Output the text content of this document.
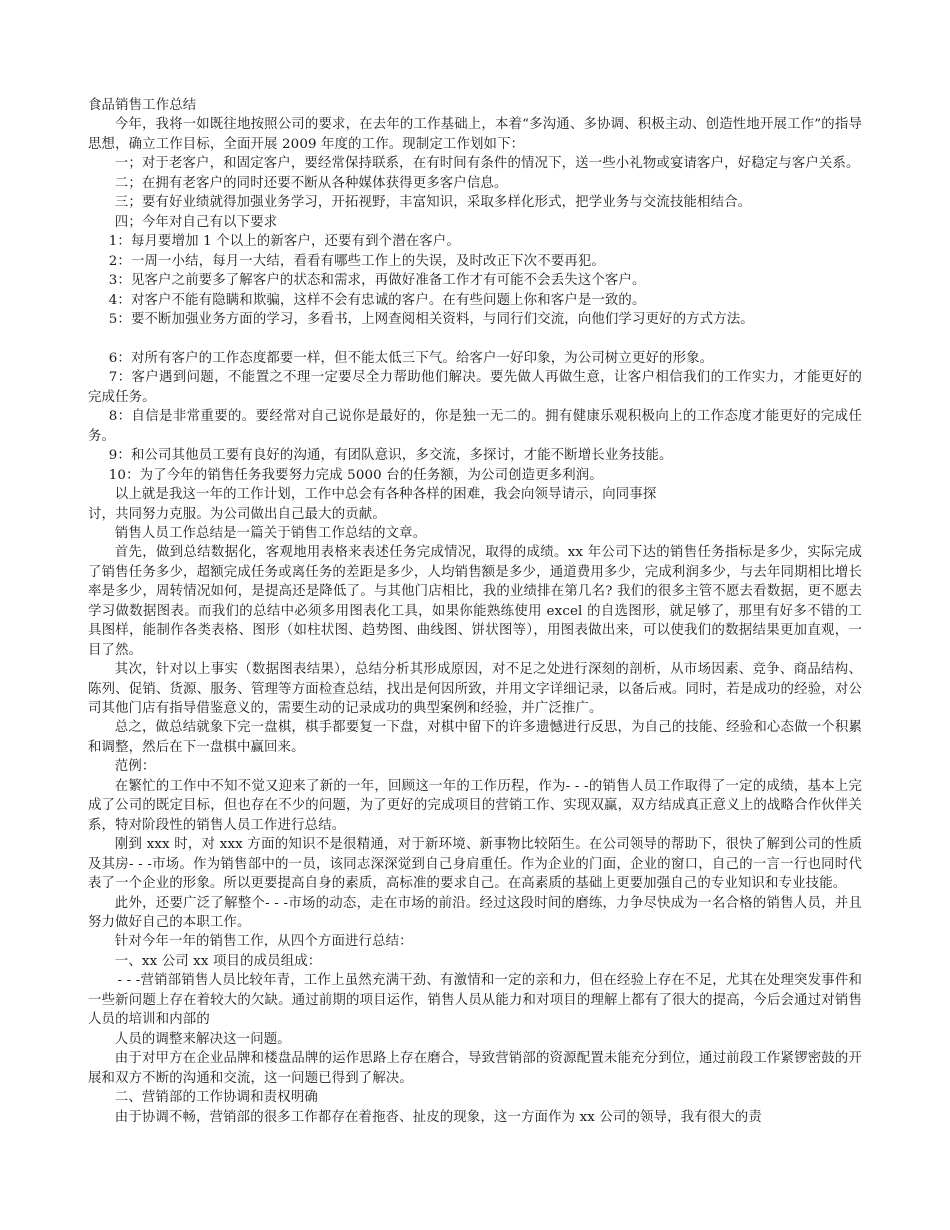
食品销售工作总结

今年，我将一如既往地按照公司的要求，在去年的工作基础上，本着“多沟通、多协调、积极主动、创造性地开展工作”的指导思想，确立工作目标，全面开展 2009 年度的工作。现制定工作划如下：

一；对于老客户，和固定客户，要经常保持联系，在有时间有条件的情况下，送一些小礼物或宴请客户，好稳定与客户关系。

二；在拥有老客户的同时还要不断从各种媒体获得更多客户信息。

三；要有好业绩就得加强业务学习，开拓视野，丰富知识，采取多样化形式，把学业务与交流技能相结合。

四；今年对自己有以下要求

1：每月要增加 1 个以上的新客户，还要有到个潜在客户。

2：一周一小结，每月一大结，看看有哪些工作上的失误，及时改正下次不要再犯。

3：见客户之前要多了解客户的状态和需求，再做好准备工作才有可能不会丢失这个客户。

4：对客户不能有隐瞒和欺骗，这样不会有忠诚的客户。在有些问题上你和客户是一致的。

5：要不断加强业务方面的学习，多看书，上网查阅相关资料，与同行们交流，向他们学习更好的方式方法。

6：对所有客户的工作态度都要一样，但不能太低三下气。给客户一好印象，为公司树立更好的形象。

7：客户遇到问题，不能置之不理一定要尽全力帮助他们解决。要先做人再做生意，让客户相信我们的工作实力，才能更好的完成任务。

8：自信是非常重要的。要经常对自己说你是最好的，你是独一无二的。拥有健康乐观积极向上的工作态度才能更好的完成任务。

9：和公司其他员工要有良好的沟通，有团队意识，多交流，多探讨，才能不断增长业务技能。

10：为了今年的销售任务我要努力完成 5000 台的任务额，为公司创造更多利润。

以上就是我这一年的工作计划，工作中总会有各种各样的困难，我会向领导请示，向同事探

讨，共同努力克服。为公司做出自己最大的贡献。

销售人员工作总结是一篇关于销售工作总结的文章。

首先，做到总结数据化，客观地用表格来表述任务完成情况，取得的成绩。xx 年公司下达的销售任务指标是多少，实际完成了销售任务多少，超额完成任务或离任务的差距是多少，人均销售额是多少，通道费用多少，完成利润多少，与去年同期相比增长率是多少，周转情况如何，是提高还是降低了。与其他门店相比，我的业绩排在第几名? 我们的很多主管不愿去看数据，更不愿去学习做数据图表。而我们的总结中必须多用图表化工具，如果你能熟练使用 excel 的自选图形，就足够了，那里有好多不错的工具图样，能制作各类表格、图形（如柱状图、趋势图、曲线图、饼状图等），用图表做出来，可以使我们的数据结果更加直观，一目了然。

其次，针对以上事实（数据图表结果），总结分析其形成原因，对不足之处进行深刻的剖析，从市场因素、竞争、商品结构、陈列、促销、货源、服务、管理等方面检查总结，找出是何因所致，并用文字详细记录，以备后戒。同时，若是成功的经验，对公司其他门店有指导借鉴意义的，需要生动的记录成功的典型案例和经验，并广泛推广。

总之，做总结就象下完一盘棋，棋手都要复一下盘，对棋中留下的许多遗憾进行反思，为自己的技能、经验和心态做一个积累和调整，然后在下一盘棋中赢回来。

范例：

在繁忙的工作中不知不觉又迎来了新的一年，回顾这一年的工作历程，作为- - -的销售人员工作取得了一定的成绩，基本上完成了公司的既定目标，但也存在不少的问题，为了更好的完成项目的营销工作、实现双赢，双方结成真正意义上的战略合作伙伴关系，特对阶段性的销售人员工作进行总结。

刚到 xxx 时，对 xxx 方面的知识不是很精通，对于新环境、新事物比较陌生。在公司领导的帮助下，很快了解到公司的性质及其房- - -市场。作为销售部中的一员，该同志深深觉到自己身肩重任。作为企业的门面，企业的窗口，自己的一言一行也同时代表了一个企业的形象。所以更要提高自身的素质，高标准的要求自己。在高素质的基础上更要加强自己的专业知识和专业技能。

此外，还要广泛了解整个- - -市场的动态，走在市场的前沿。经过这段时间的磨练，力争尽快成为一名合格的销售人员，并且努力做好自己的本职工作。

针对今年一年的销售工作，从四个方面进行总结：

一、xx 公司 xx 项目的成员组成：

- - -营销部销售人员比较年青，工作上虽然充满干劲、有激情和一定的亲和力，但在经验上存在不足，尤其在处理突发事件和一些新问题上存在着较大的欠缺。通过前期的项目运作，销售人员从能力和对项目的理解上都有了很大的提高，今后会通过对销售人员的培训和内部的

人员的调整来解决这一问题。

由于对甲方在企业品牌和楼盘品牌的运作思路上存在磨合，导致营销部的资源配置未能充分到位，通过前段工作紧锣密鼓的开展和双方不断的沟通和交流，这一问题已得到了解决。

二、营销部的工作协调和责权明确

由于协调不畅，营销部的很多工作都存在着拖沓、扯皮的现象，这一方面作为 xx 公司的领导，我有很大的责
